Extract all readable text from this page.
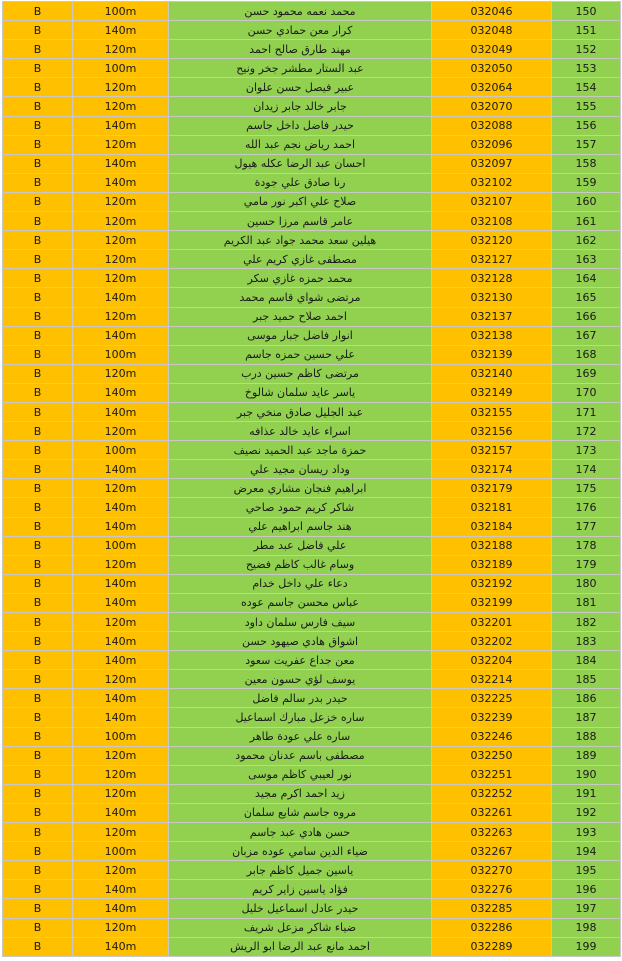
B	100m	محمد نعمه محمود حسن	032046	150
B	140m	كرار معن حمادي حسن	032048	151
B	120m	مهند طارق صالح احمد	032049	152
B	100m	عبد الستار مطشر جخر ونيح	032050	153
B	120m	عبير فيصل حسن علوان	032064	154
B	120m	جابر خالد جابر زيدان	032070	155
B	140m	حيدر فاضل داخل جاسم	032088	156
B	120m	احمد رياض نجم عبد الله	032096	157
B	140m	احسان عبد الرضا عكله هيول	032097	158
B	140m	رنا صادق علي جودة	032102	159
B	120m	صلاح علي اكبر نور مامي	032107	160
B	120m	عامر قاسم مرزا حسين	032108	161
B	120m	هيلين سعد محمد جواد عبد الكريم	032120	162
B	120m	مصطفى غازي كريم علي	032127	163
B	120m	محمد حمزه غازي سكر	032128	164
B	140m	مرتضى شواي قاسم محمد	032130	165
B	120m	احمد صلاح حميد جبر	032137	166
B	140m	انوار فاضل جبار موسى	032138	167
B	100m	علي حسين حمزه جاسم	032139	168
B	120m	مرتضى كاظم حسين درب	032140	169
B	140m	ياسر عايد سلمان شالوخ	032149	170
B	140m	عبد الجليل صادق منخي جبر	032155	171
B	120m	اسراء عايد خالد عذافه	032156	172
B	100m	حمزة ماجد عبد الحميد نصيف	032157	173
B	140m	وداد ريسان مجيد علي	032174	174
B	120m	ابراهيم فنجان مشاري معرض	032179	175
B	140m	شاكر كريم حمود صاحي	032181	176
B	140m	هند جاسم ابراهيم علي	032184	177
B	100m	علي فاضل عبد مطر	032188	178
B	120m	وسام غالب كاظم فضيح	032189	179
B	140m	دعاء علي داخل خدام	032192	180
B	140m	عباس محسن جاسم عوده	032199	181
B	120m	سيف فارس سلمان داود	032201	182
B	140m	اشواق هادي صيهود حسن	032202	183
B	140m	معن جداع عفريت سعود	032204	184
B	120m	يوسف لؤي حسون معين	032214	185
B	140m	حيدر بدر سالم فاضل	032225	186
B	140m	ساره خزعل مبارك اسماعيل	032239	187
B	100m	ساره علي عودة طاهر	032246	188
B	120m	مصطفى باسم عدنان محمود	032250	189
B	120m	نور لعيبي كاظم موسى	032251	190
B	120m	زيد احمد اكرم مجيد	032252	191
B	140m	مروه جاسم شايع سلمان	032261	192
B	120m	حسن هادي عبد جاسم	032263	193
B	100m	ضياء الدين سامي عوده مزبان	032267	194
B	120m	ياسين جميل كاظم جابر	032270	195
B	140m	فؤاد ياسين زاير كريم	032276	196
B	140m	حيدر عادل اسماعيل خليل	032285	197
B	120m	ضياء شاكر مزعل شريف	032286	198
B	140m	احمد مانع عبد الرضا ابو الريش	032289	199
